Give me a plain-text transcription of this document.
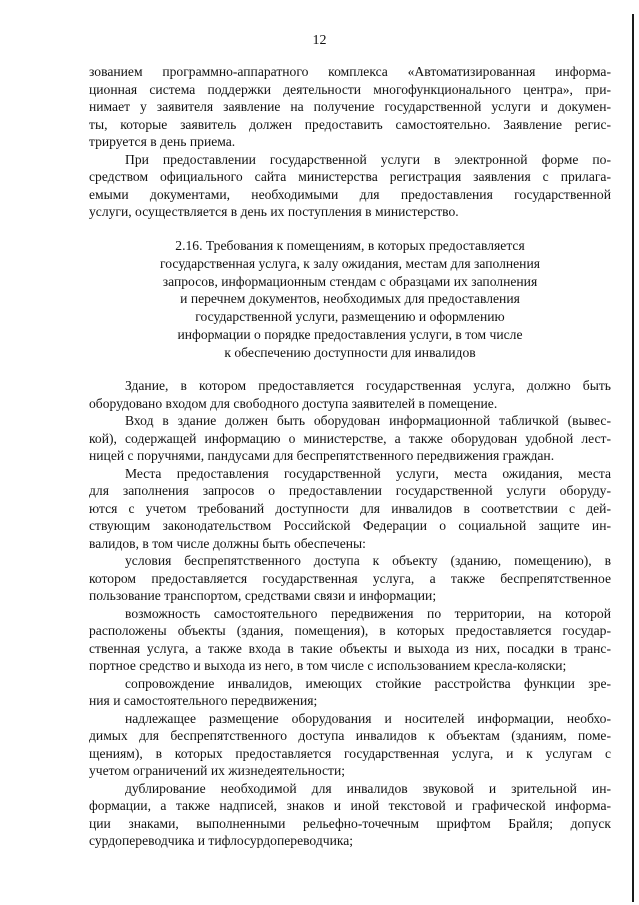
12
зованием программно-аппаратного комплекса «Автоматизированная информа-
ционная система поддержки деятельности многофункционального центра», при-
нимает у заявителя заявление на получение государственной услуги и докумен-
ты, которые заявитель должен предоставить самостоятельно. Заявление регис-
трируется в день приема.
При предоставлении государственной услуги в электронной форме по-
средством официального сайта министерства регистрация заявления с прилага-
емыми документами, необходимыми для предоставления государственной
услуги, осуществляется в день их поступления в министерство.
2.16. Требования к помещениям, в которых предоставляется
государственная услуга, к залу ожидания, местам для заполнения
запросов, информационным стендам с образцами их заполнения
и перечнем документов, необходимых для предоставления
государственной услуги, размещению и оформлению
информации о порядке предоставления услуги, в том числе
к обеспечению доступности для инвалидов
Здание, в котором предоставляется государственная услуга, должно быть
оборудовано входом для свободного доступа заявителей в помещение.
Вход в здание должен быть оборудован информационной табличкой (вывес-
кой), содержащей информацию о министерстве, а также оборудован удобной лест-
ницей с поручнями, пандусами для беспрепятственного передвижения граждан.
Места предоставления государственной услуги, места ожидания, места
для заполнения запросов о предоставлении государственной услуги оборуду-
ются с учетом требований доступности для инвалидов в соответствии с дей-
ствующим законодательством Российской Федерации о социальной защите ин-
валидов, в том числе должны быть обеспечены:
условия беспрепятственного доступа к объекту (зданию, помещению), в
котором предоставляется государственная услуга, а также беспрепятственное
пользование транспортом, средствами связи и информации;
возможность самостоятельного передвижения по территории, на которой
расположены объекты (здания, помещения), в которых предоставляется государ-
ственная услуга, а также входа в такие объекты и выхода из них, посадки в транс-
портное средство и выхода из него, в том числе с использованием кресла-коляски;
сопровождение инвалидов, имеющих стойкие расстройства функции зре-
ния и самостоятельного передвижения;
надлежащее размещение оборудования и носителей информации, необхо-
димых для беспрепятственного доступа инвалидов к объектам (зданиям, поме-
щениям), в которых предоставляется государственная услуга, и к услугам с
учетом ограничений их жизнедеятельности;
дублирование необходимой для инвалидов звуковой и зрительной ин-
формации, а также надписей, знаков и иной текстовой и графической информа-
ции знаками, выполненными рельефно-точечным шрифтом Брайля; допуск
сурдопереводчика и тифлосурдопереводчика;
